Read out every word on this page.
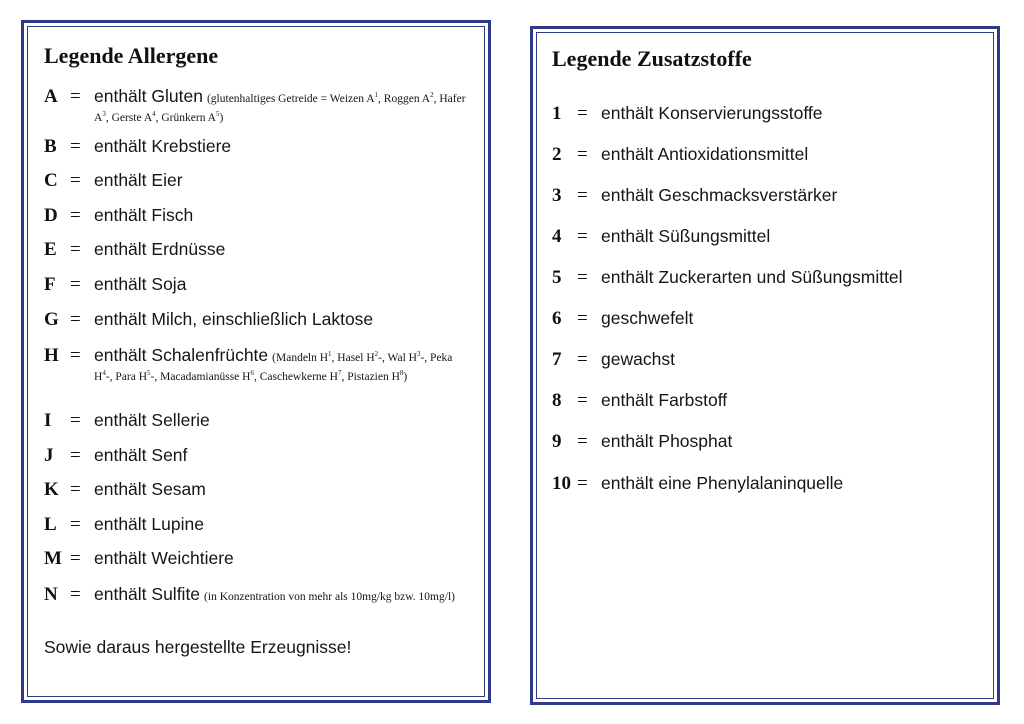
Legende Allergene
A = enthält Gluten (glutenhaltiges Getreide = Weizen $A^1$, Roggen $A^2$, Hafer $A^3$, Gerste $A^4$, Grünkern $A^5$)
B = enthält Krebstiere
C = enthält Eier
D = enthält Fisch
E = enthält Erdnüsse
F = enthält Soja
G = enthält Milch, einschließlich Laktose
H = enthält Schalenfrüchte (Mandeln $H^1$, Hasel $H^2-$, Wal $H^3-$, Peka $H^4-$, Para $H^5-$, Macadamianüsse $H^6$, Caschewkerne $H^7$, Pistazien $H^8$)
I = enthält Sellerie
J = enthält Senf
K = enthält Sesam
L = enthält Lupine
M = enthält Weichtiere
N = enthält Sulfite (in Konzentration von mehr als 10mg/kg bzw. 10mg/l)
Sowie daraus hergestellte Erzeugnisse!
Legende Zusatzstoffe
1 = enthält Konservierungsstoffe
2 = enthält Antioxidationsmittel
3 = enthält Geschmacksverstärker
4 = enthält Süßungsmittel
5 = enthält Zuckerarten und Süßungsmittel
6 = geschwefelt
7 = gewachst
8 = enthält Farbstoff
9 = enthält Phosphat
10 = enthält eine Phenylalaninquelle
